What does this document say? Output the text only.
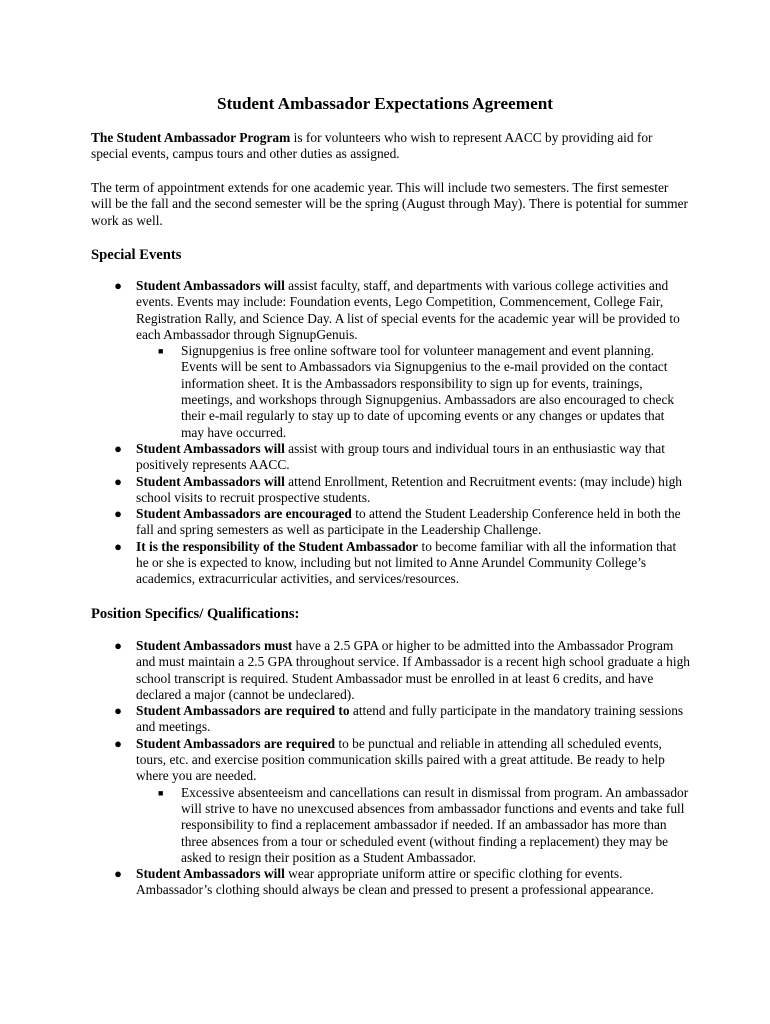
Student Ambassador Expectations Agreement

The Student Ambassador Program is for volunteers who wish to represent AACC by providing aid for special events, campus tours and other duties as assigned.

The term of appointment extends for one academic year. This will include two semesters. The first semester will be the fall and the second semester will be the spring (August through May). There is potential for summer work as well.

Special Events
● Student Ambassadors will assist faculty, staff, and departments with various college activities and events. Events may include: Foundation events, Lego Competition, Commencement, College Fair, Registration Rally, and Science Day. A list of special events for the academic year will be provided to each Ambassador through SignupGenuis.
■ Signupgenius is free online software tool for volunteer management and event planning. Events will be sent to Ambassadors via Signupgenius to the e-mail provided on the contact information sheet. It is the Ambassadors responsibility to sign up for events, trainings, meetings, and workshops through Signupgenius. Ambassadors are also encouraged to check their e-mail regularly to stay up to date of upcoming events or any changes or updates that may have occurred.
● Student Ambassadors will assist with group tours and individual tours in an enthusiastic way that positively represents AACC.
● Student Ambassadors will attend Enrollment, Retention and Recruitment events: (may include) high school visits to recruit prospective students.
● Student Ambassadors are encouraged to attend the Student Leadership Conference held in both the fall and spring semesters as well as participate in the Leadership Challenge.
● It is the responsibility of the Student Ambassador to become familiar with all the information that he or she is expected to know, including but not limited to Anne Arundel Community College’s academics, extracurricular activities, and services/resources.
Position Specifics/ Qualifications:
● Student Ambassadors must have a 2.5 GPA or higher to be admitted into the Ambassador Program and must maintain a 2.5 GPA throughout service. If Ambassador is a recent high school graduate a high school transcript is required. Student Ambassador must be enrolled in at least 6 credits, and have declared a major (cannot be undeclared).
● Student Ambassadors are required to attend and fully participate in the mandatory training sessions and meetings.
● Student Ambassadors are required to be punctual and reliable in attending all scheduled events, tours, etc. and exercise position communication skills paired with a great attitude. Be ready to help where you are needed.
■ Excessive absenteeism and cancellations can result in dismissal from program. An ambassador will strive to have no unexcused absences from ambassador functions and events and take full responsibility to find a replacement ambassador if needed. If an ambassador has more than three absences from a tour or scheduled event (without finding a replacement) they may be asked to resign their position as a Student Ambassador.
● Student Ambassadors will wear appropriate uniform attire or specific clothing for events. Ambassador’s clothing should always be clean and pressed to present a professional appearance.
